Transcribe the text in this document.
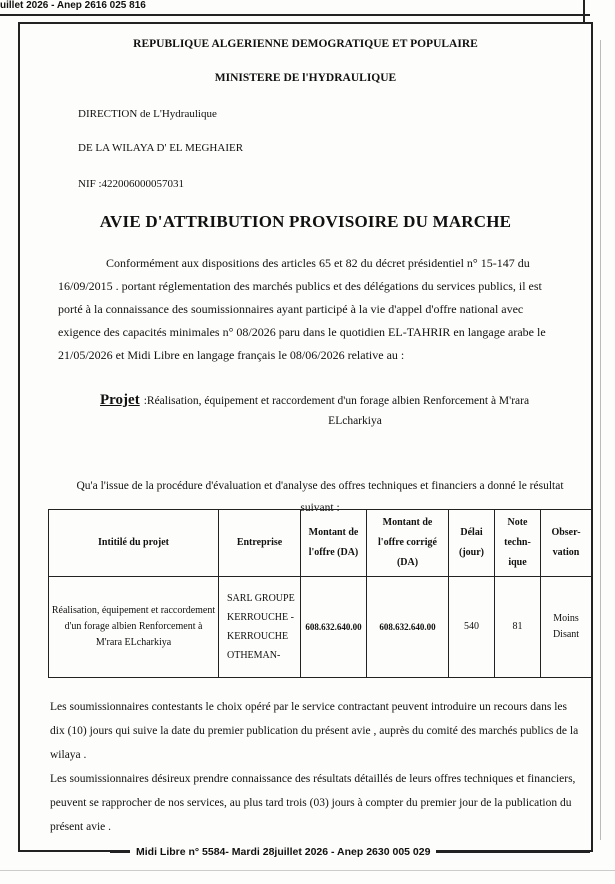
uillet 2026 - Anep 2616 025 816
REPUBLIQUE ALGERIENNE DEMOGRATIQUE ET POPULAIRE
MINISTERE DE l'HYDRAULIQUE
DIRECTION de L'Hydraulique
DE LA WILAYA D' EL MEGHAIER
NIF :422006000057031
AVIE D'ATTRIBUTION PROVISOIRE DU MARCHE
Conformément aux dispositions des articles 65 et 82 du décret présidentiel n° 15-147 du 16/09/2015 . portant réglementation des marchés publics et des délégations du services publics, il est porté à la connaissance des soumissionnaires ayant participé à la vie d'appel d'offre national avec exigence des capacités minimales n° 08/2026 paru dans le quotidien EL-TAHRIR en langage arabe le 21/05/2026 et Midi Libre en langage français le 08/06/2026 relative au :
Projet :Réalisation, équipement et raccordement d'un forage albien Renforcement à M'rara
ELcharkiya
Qu'a l'issue de la procédure d'évaluation et d'analyse des offres techniques et financiers a donné le résultat suivant :
Intitilé du projet	Entreprise	Montant de l'offre (DA)	Montant de l'offre corrigé (DA)	Délai (jour)	Note techn-ique	Obser-vation
Réalisation, équipement et raccordement d'un forage albien Renforcement à M'rara ELcharkiya	SARL GROUPE KERROUCHE - KERROUCHE OTHEMAN-	608.632.640.00	608.632.640.00	540	81	Moins Disant
Les soumissionnaires contestants le choix opéré par le service contractant peuvent introduire un recours dans les dix (10) jours qui suive la date du premier publication du présent avie , auprès du comité des marchés publics de la wilaya .
Les soumissionnaires désireux prendre connaissance des résultats détaillés de leurs offres techniques et financiers, peuvent se rapprocher de nos services, au plus tard trois (03) jours à compter du premier jour de la publication du présent avie .
Midi Libre n° 5584- Mardi 28juillet 2026 - Anep 2630 005 029
